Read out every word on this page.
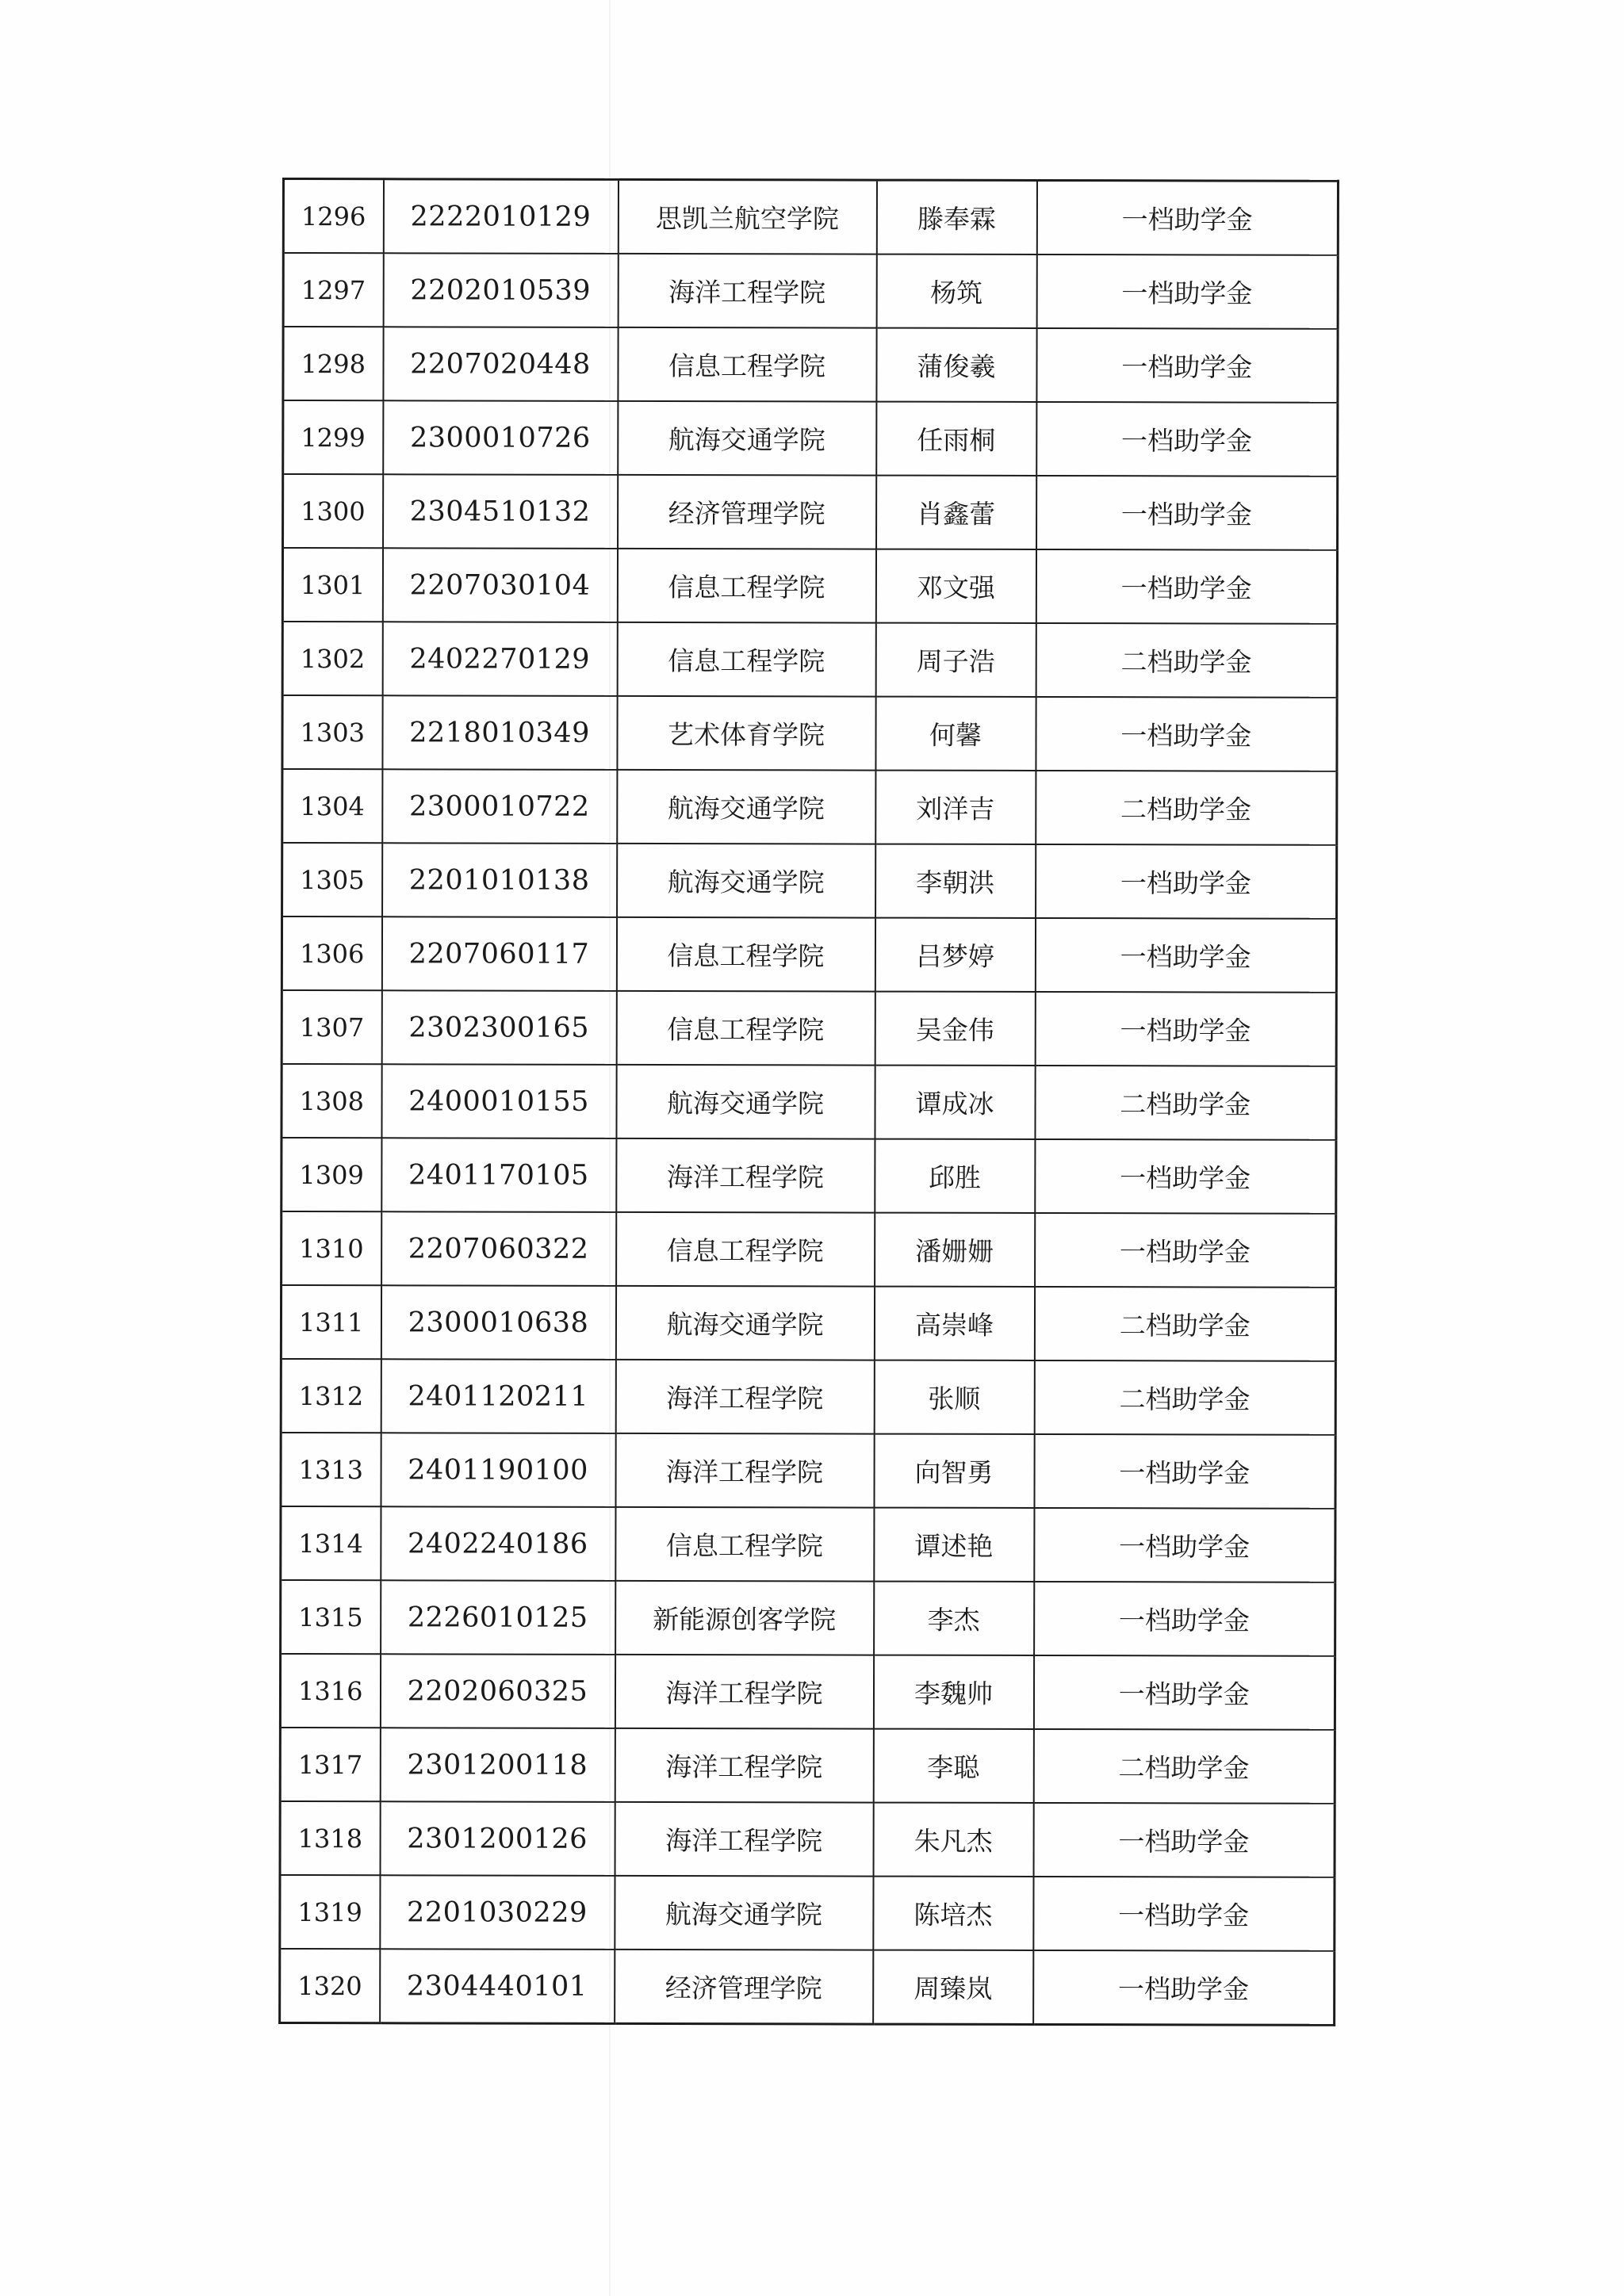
1296	2222010129	思凯兰航空学院	滕奉霖	一档助学金
1297	2202010539	海洋工程学院	杨筑	一档助学金
1298	2207020448	信息工程学院	蒲俊羲	一档助学金
1299	2300010726	航海交通学院	任雨桐	一档助学金
1300	2304510132	经济管理学院	肖鑫蕾	一档助学金
1301	2207030104	信息工程学院	邓文强	一档助学金
1302	2402270129	信息工程学院	周子浩	二档助学金
1303	2218010349	艺术体育学院	何馨	一档助学金
1304	2300010722	航海交通学院	刘洋吉	二档助学金
1305	2201010138	航海交通学院	李朝洪	一档助学金
1306	2207060117	信息工程学院	吕梦婷	一档助学金
1307	2302300165	信息工程学院	吴金伟	一档助学金
1308	2400010155	航海交通学院	谭成冰	二档助学金
1309	2401170105	海洋工程学院	邱胜	一档助学金
1310	2207060322	信息工程学院	潘姗姗	一档助学金
1311	2300010638	航海交通学院	高崇峰	二档助学金
1312	2401120211	海洋工程学院	张顺	二档助学金
1313	2401190100	海洋工程学院	向智勇	一档助学金
1314	2402240186	信息工程学院	谭述艳	一档助学金
1315	2226010125	新能源创客学院	李杰	一档助学金
1316	2202060325	海洋工程学院	李魏帅	一档助学金
1317	2301200118	海洋工程学院	李聪	二档助学金
1318	2301200126	海洋工程学院	朱凡杰	一档助学金
1319	2201030229	航海交通学院	陈培杰	一档助学金
1320	2304440101	经济管理学院	周臻岚	一档助学金
